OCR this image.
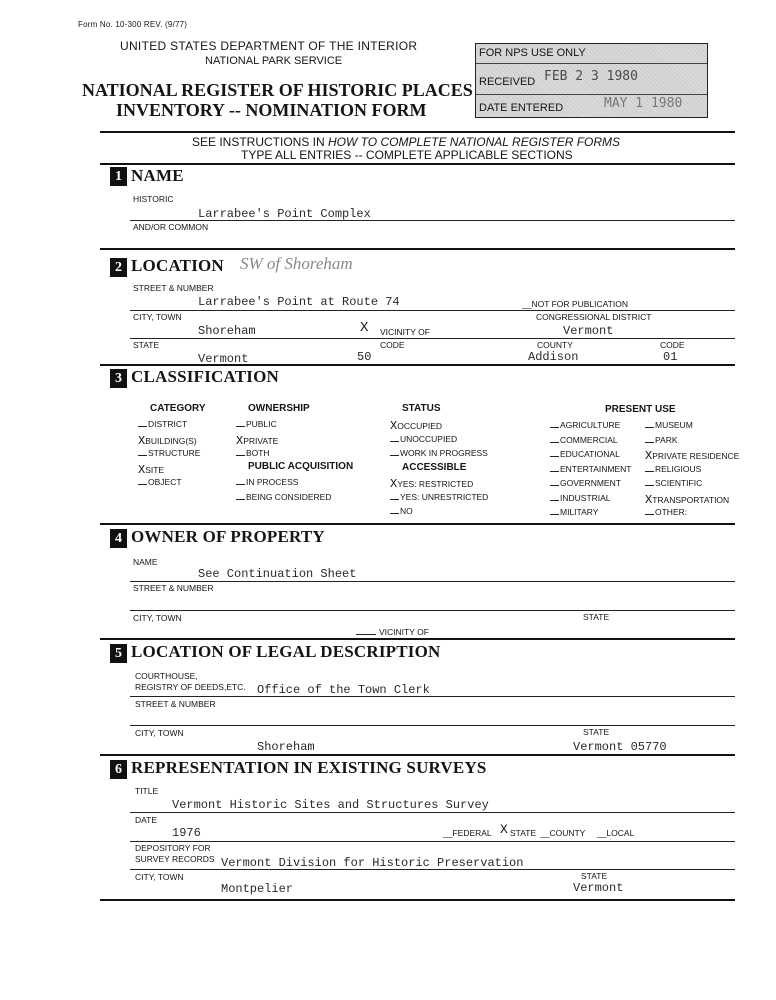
Form No. 10-300 REV. (9/77)
UNITED STATES DEPARTMENT OF THE INTERIOR
NATIONAL PARK SERVICE
NATIONAL REGISTER OF HISTORIC PLACES
INVENTORY -- NOMINATION FORM
FOR NPS USE ONLY
RECEIVED FEB 2 3 1980
DATE ENTERED	MAY 1 1980
SEE INSTRUCTIONS IN HOW TO COMPLETE NATIONAL REGISTER FORMS
TYPE ALL ENTRIES -- COMPLETE APPLICABLE SECTIONS
1 NAME
HISTORIC
Larrabee's Point Complex
AND/OR COMMON
2 LOCATION SW of Shoreham
STREET & NUMBER
Larrabee's Point at Route 74	__NOT FOR PUBLICATION
CITY, TOWN	CONGRESSIONAL DISTRICT
Shoreham	X VICINITY OF	Vermont
STATE	CODE	COUNTY	CODE
Vermont	50	Addison	01
3 CLASSIFICATION
CATEGORY
DISTRICT
XBUILDING(S)
STRUCTURE
XSITE
OBJECT
OWNERSHIP
PUBLIC
XPRIVATE
BOTH
PUBLIC ACQUISITION
IN PROCESS
BEING CONSIDERED
STATUS
XOCCUPIED
UNOCCUPIED
WORK IN PROGRESS
ACCESSIBLE
XYES: RESTRICTED
YES: UNRESTRICTED
NO
PRESENT USE
AGRICULTURE
COMMERCIAL
EDUCATIONAL
ENTERTAINMENT
GOVERNMENT
INDUSTRIAL
MILITARY
MUSEUM
PARK
XPRIVATE RESIDENCE
RELIGIOUS
SCIENTIFIC
XTRANSPORTATION
OTHER:
4 OWNER OF PROPERTY
NAME
See Continuation Sheet
STREET & NUMBER
CITY, TOWN	STATE
VICINITY OF
5 LOCATION OF LEGAL DESCRIPTION
COURTHOUSE,
REGISTRY OF DEEDS,ETC. Office of the Town Clerk
STREET & NUMBER
CITY, TOWN	STATE
Shoreham	Vermont 05770
6 REPRESENTATION IN EXISTING SURVEYS
TITLE
Vermont Historic Sites and Structures Survey
DATE
1976	__FEDERAL X STATE __COUNTY __LOCAL
DEPOSITORY FOR
SURVEY RECORDS Vermont Division for Historic Preservation
CITY, TOWN	STATE
Montpelier	Vermont
